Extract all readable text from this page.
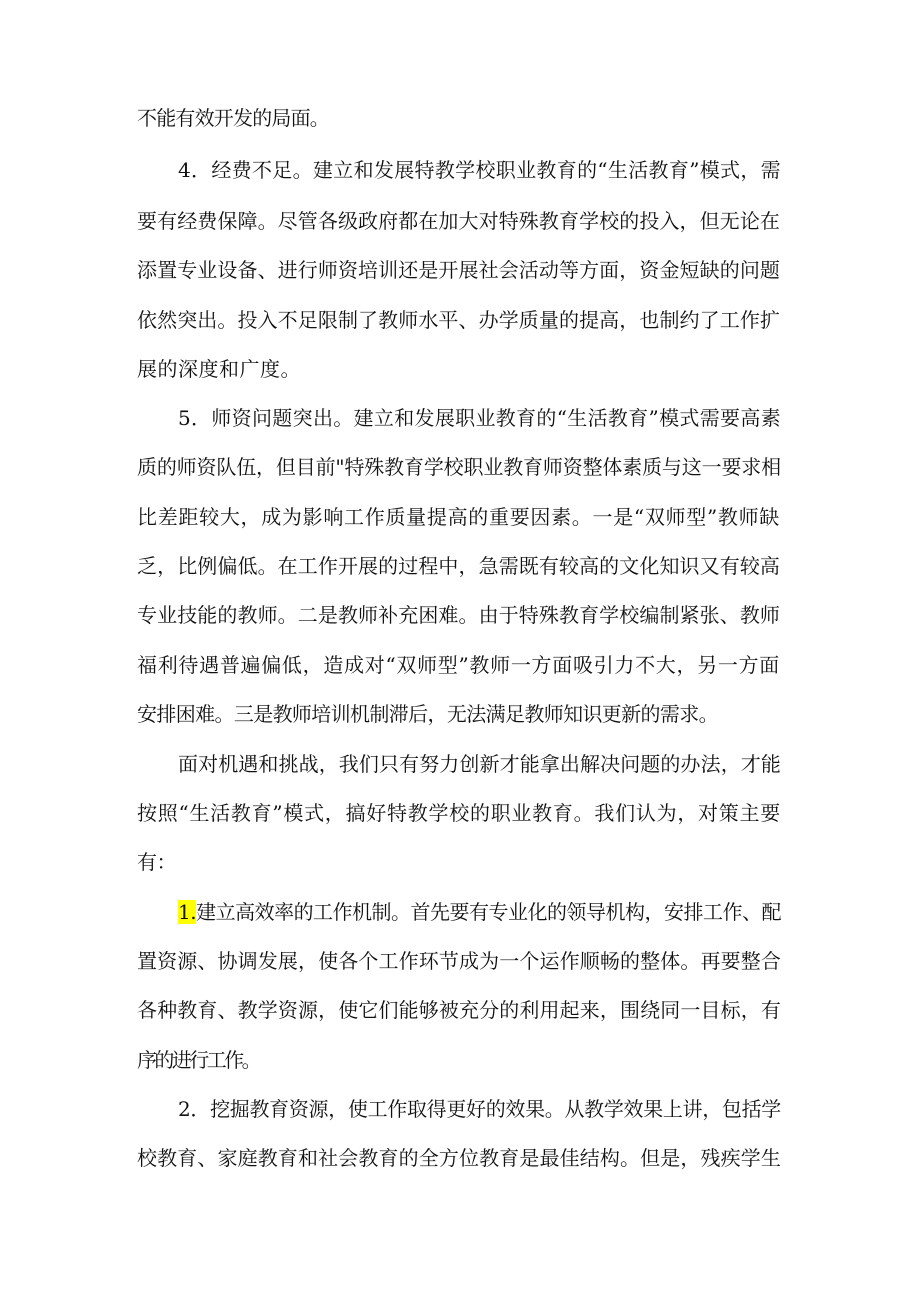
不能有效开发的局面。
4．经费不足。建立和发展特教学校职业教育的“生活教育”模式，需
要有经费保障。尽管各级政府都在加大对特殊教育学校的投入，但无论在
添置专业设备、进行师资培训还是开展社会活动等方面，资金短缺的问题
依然突出。投入不足限制了教师水平、办学质量的提高，也制约了工作扩
展的深度和广度。
5．师资问题突出。建立和发展职业教育的“生活教育”模式需要高素
质的师资队伍，但目前"特殊教育学校职业教育师资整体素质与这一要求相
比差距较大，成为影响工作质量提高的重要因素。一是“双师型”教师缺
乏，比例偏低。在工作开展的过程中，急需既有较高的文化知识又有较高
专业技能的教师。二是教师补充困难。由于特殊教育学校编制紧张、教师
福利待遇普遍偏低，造成对“双师型”教师一方面吸引力不大，另一方面
安排困难。三是教师培训机制滞后，无法满足教师知识更新的需求。
面对机遇和挑战，我们只有努力创新才能拿出解决问题的办法，才能
按照“生活教育”模式，搞好特教学校的职业教育。我们认为，对策主要
有：
1.建立高效率的工作机制。首先要有专业化的领导机构，安排工作、配
置资源、协调发展，使各个工作环节成为一个运作顺畅的整体。再要整合
各种教育、教学资源，使它们能够被充分的利用起来，围绕同一目标，有
序的进行工作。
2．挖掘教育资源，使工作取得更好的效果。从教学效果上讲，包括学
校教育、家庭教育和社会教育的全方位教育是最佳结构。但是，残疾学生
